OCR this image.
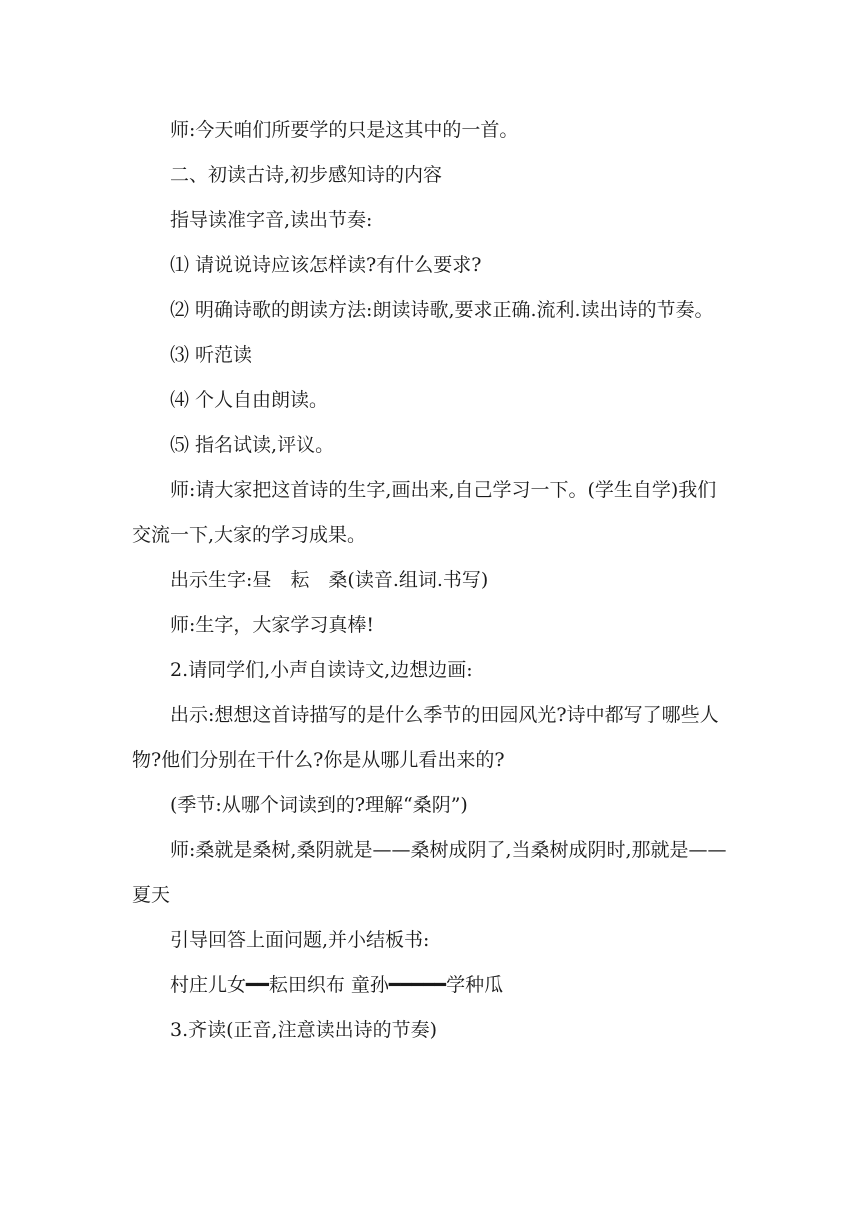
师:今天咱们所要学的只是这其中的一首。

二、初读古诗,初步感知诗的内容

指导读准字音,读出节奏:

⑴ 请说说诗应该怎样读?有什么要求?

⑵ 明确诗歌的朗读方法:朗读诗歌,要求正确.流利.读出诗的节奏。

⑶ 听范读

⑷ 个人自由朗读。

⑸ 指名试读,评议。

师:请大家把这首诗的生字,画出来,自己学习一下。(学生自学)我们交流一下,大家的学习成果。

出示生字:昼　耘　桑(读音.组词.书写)

师:生字，大家学习真棒!

2.请同学们,小声自读诗文,边想边画:

出示:想想这首诗描写的是什么季节的田园风光?诗中都写了哪些人物?他们分别在干什么?你是从哪儿看出来的?

(季节:从哪个词读到的?理解“桑阴”)

师:桑就是桑树,桑阴就是——桑树成阴了,当桑树成阴时,那就是——夏天

引导回答上面问题,并小结板书:

村庄儿女━━耘田织布 童孙━━━━━学种瓜

3.齐读(正音,注意读出诗的节奏)
